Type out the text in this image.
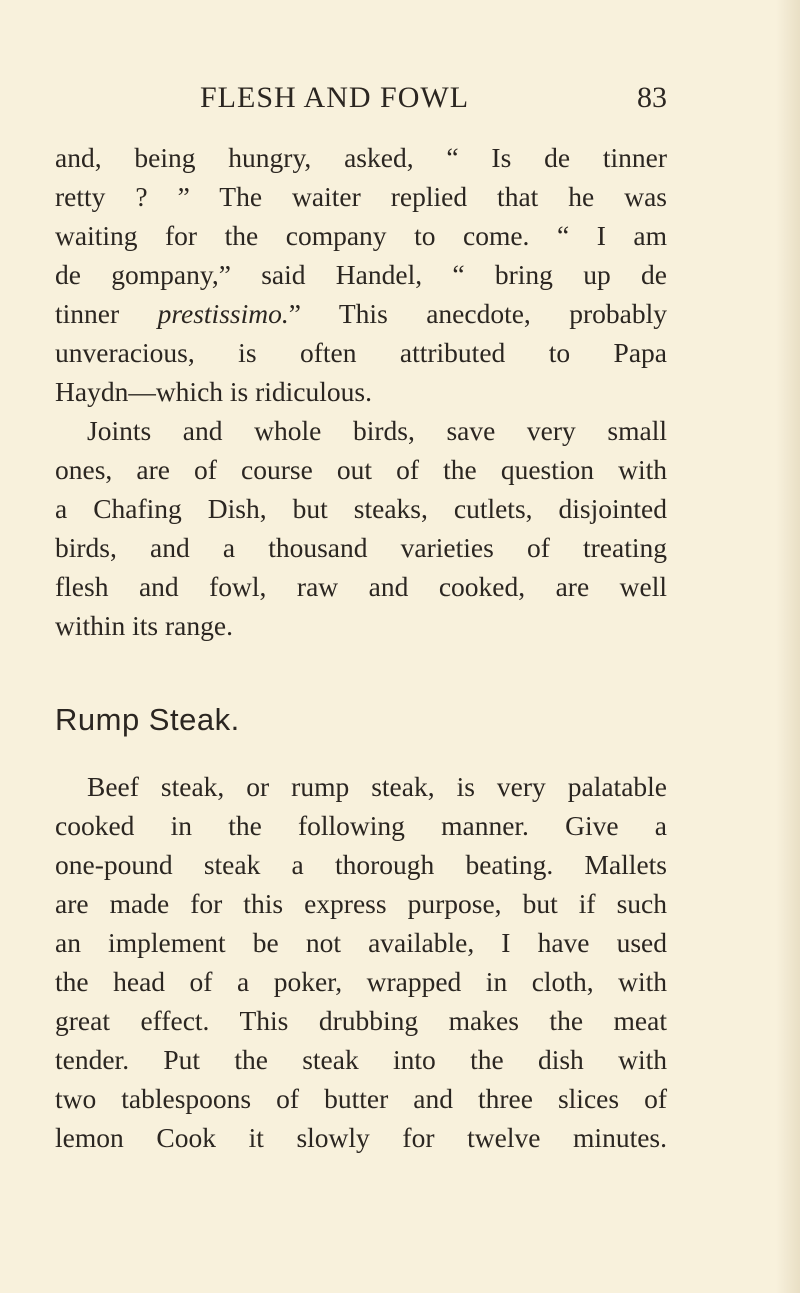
FLESH AND FOWL	83
and, being hungry, asked, “ Is de tinner
retty ? ” The waiter replied that he was
waiting for the company to come. “ I am
de gompany,” said Handel, “ bring up de
tinner prestissimo.” This anecdote, probably
unveracious, is often attributed to Papa
Haydn—which is ridiculous.
Joints and whole birds, save very small
ones, are of course out of the question with
a Chafing Dish, but steaks, cutlets, disjointed
birds, and a thousand varieties of treating
flesh and fowl, raw and cooked, are well
within its range.
Rump Steak.
Beef steak, or rump steak, is very palatable
cooked in the following manner. Give a
one-pound steak a thorough beating. Mallets
are made for this express purpose, but if such
an implement be not available, I have used
the head of a poker, wrapped in cloth, with
great effect. This drubbing makes the meat
tender. Put the steak into the dish with
two tablespoons of butter and three slices of
lemon Cook it slowly for twelve minutes.
